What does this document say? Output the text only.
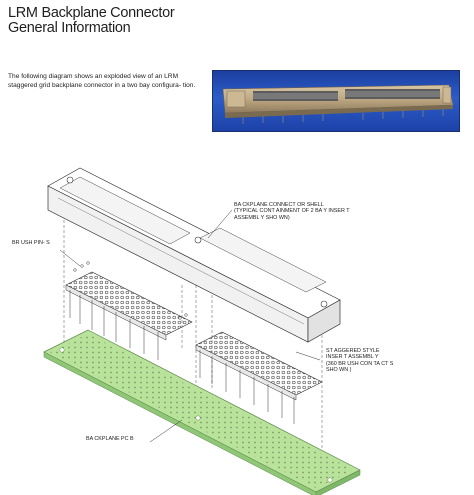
LRM Backplane Connector
General Information
The following diagram shows an exploded view of an LRM staggered grid backplane connector in a two bay configura- tion.
BA CKPLANE CONNECT OR SHELL
(TYPICAL CONT AINMENT OF 2 BA Y INSER T
ASSEMBL Y SHO WN)
BR USH PIN- S
ST AGGERED STYLE
INSER T ASSEMBL Y
(360 BR USH CON TA CT S
SHO WN )
BA CKPLANE PC B
